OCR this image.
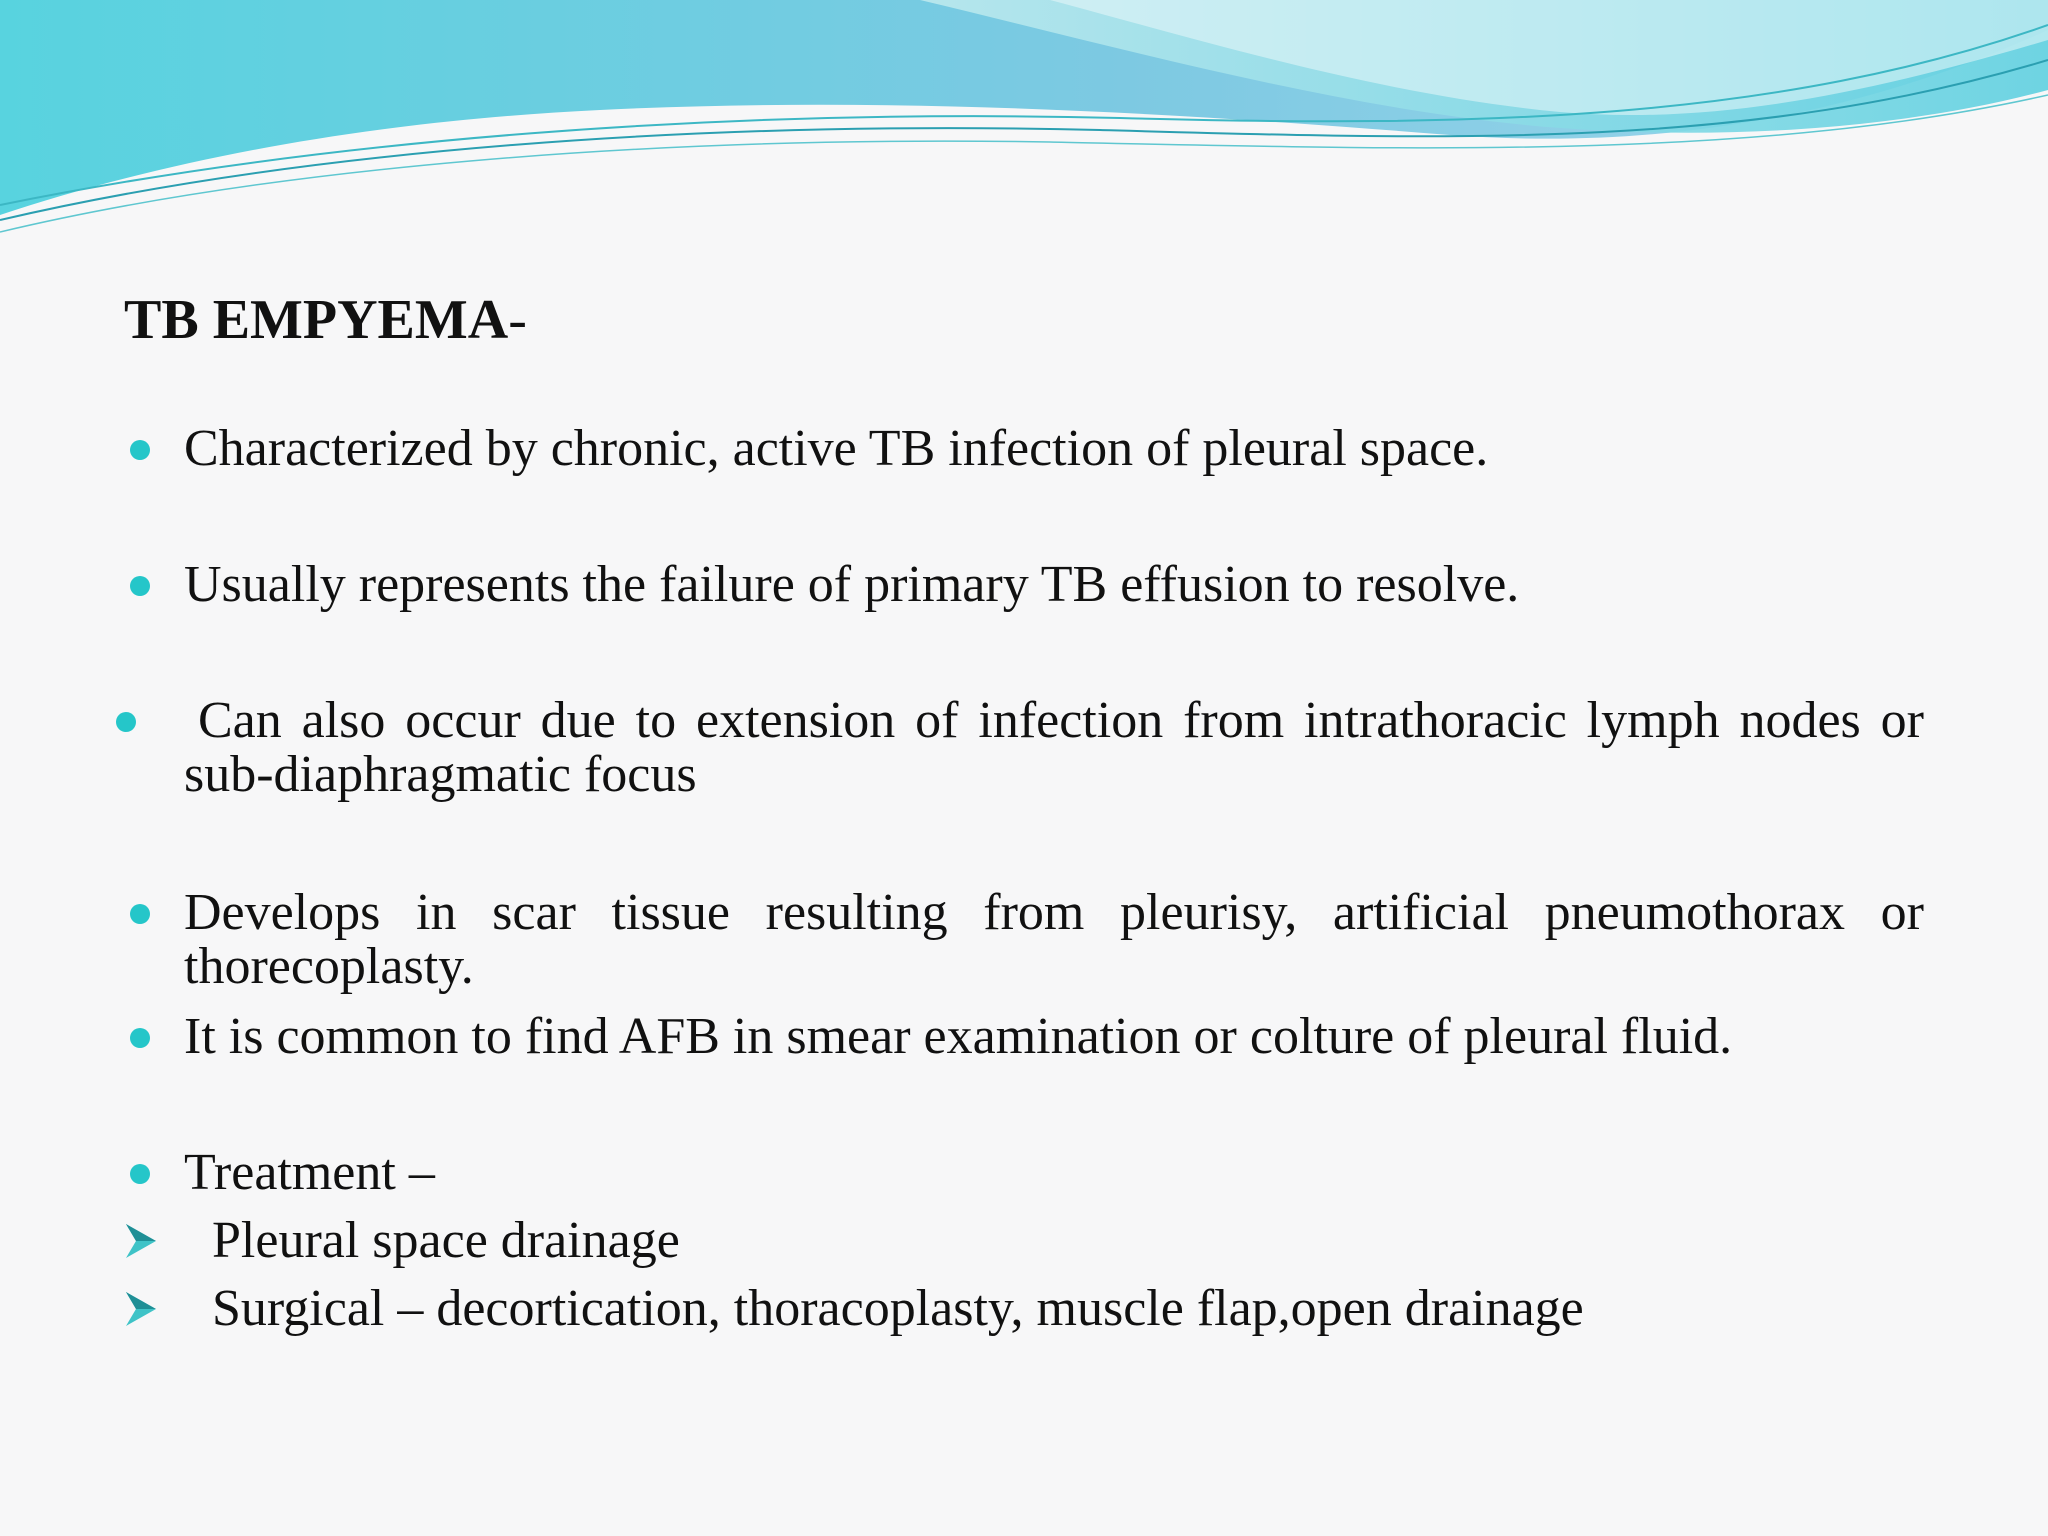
TB EMPYEMA-
Characterized by chronic, active TB infection of pleural space.
Usually represents the failure of primary TB effusion to resolve.
Can also occur due to extension of infection from intrathoracic lymph nodes or sub-diaphragmatic focus
Develops in scar tissue resulting from pleurisy, artificial pneumothorax or thorecoplasty.
It is common to find AFB in smear examination or colture of pleural fluid.
Treatment –
Pleural space drainage
Surgical – decortication, thoracoplasty, muscle flap,open drainage
